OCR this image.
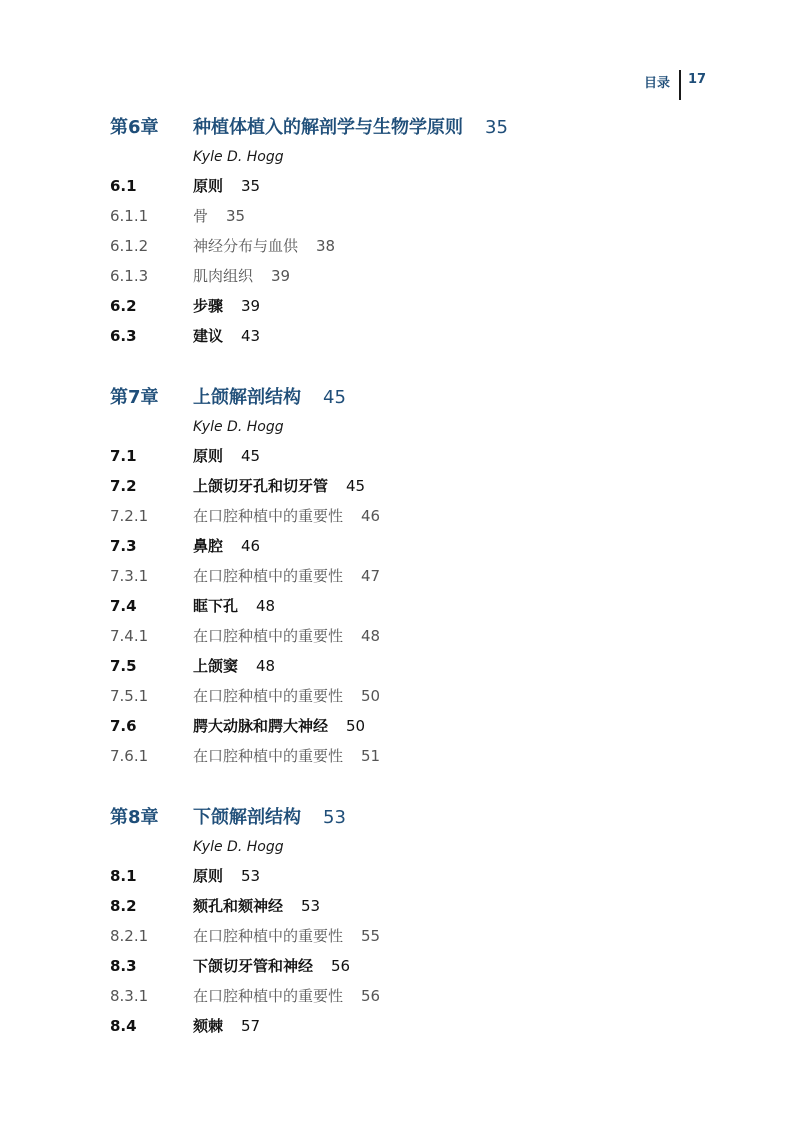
目录 17
第6章 种植体植入的解剖学与生物学原则 35
Kyle D. Hogg
6.1	原则 35
6.1.1	骨 35
6.1.2	神经分布与血供 38
6.1.3	肌肉组织 39
6.2	步骤 39
6.3	建议 43
第7章 上颌解剖结构 45
Kyle D. Hogg
7.1	原则 45
7.2	上颌切牙孔和切牙管 45
7.2.1	在口腔种植中的重要性 46
7.3	鼻腔 46
7.3.1	在口腔种植中的重要性 47
7.4	眶下孔 48
7.4.1	在口腔种植中的重要性 48
7.5	上颌窦 48
7.5.1	在口腔种植中的重要性 50
7.6	腭大动脉和腭大神经 50
7.6.1	在口腔种植中的重要性 51
第8章 下颌解剖结构 53
Kyle D. Hogg
8.1	原则 53
8.2	颏孔和颏神经 53
8.2.1	在口腔种植中的重要性 55
8.3	下颌切牙管和神经 56
8.3.1	在口腔种植中的重要性 56
8.4	颏棘 57
